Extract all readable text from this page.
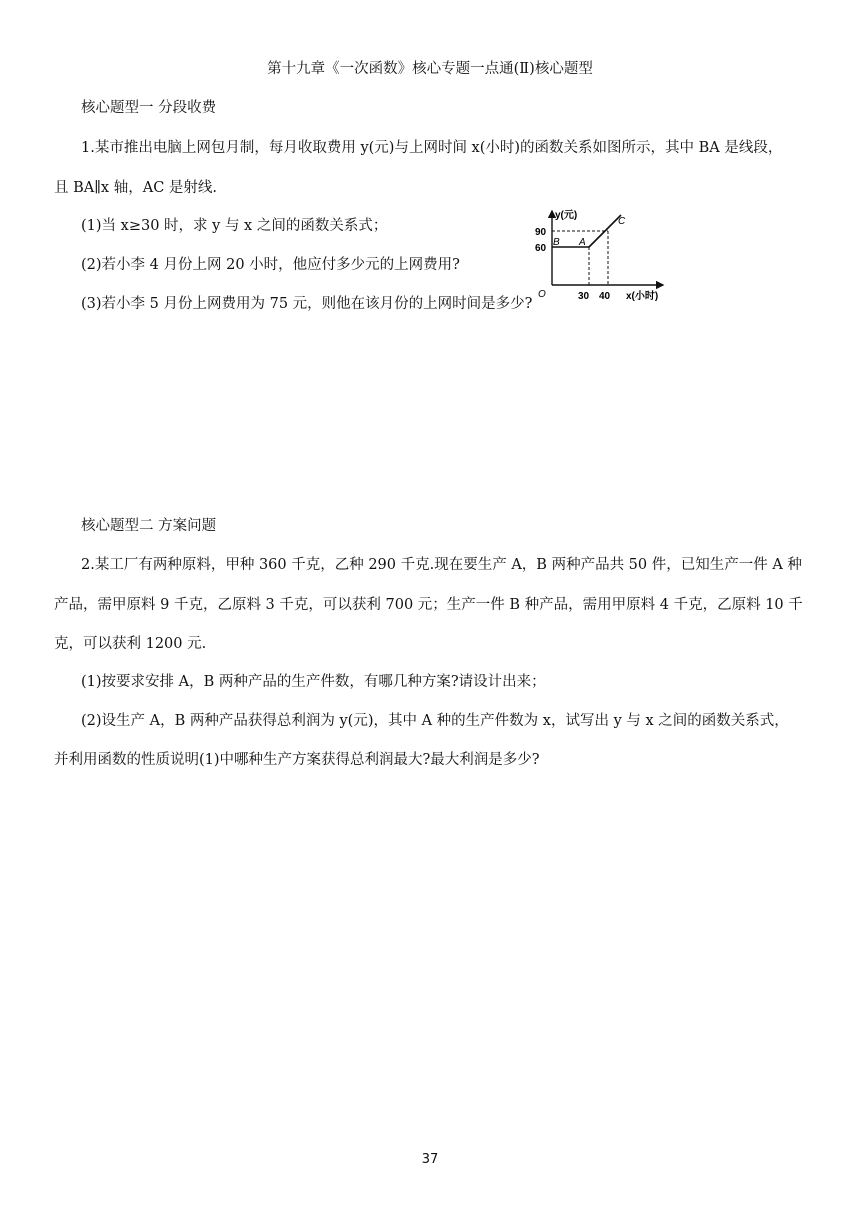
第十九章《一次函数》核心专题一点通(Ⅱ)核心题型
核心题型一 分段收费
1.某市推出电脑上网包月制，每月收取费用 y(元)与上网时间 x(小时)的函数关系如图所示，其中 BA 是线段，
且 BA∥x 轴，AC 是射线.
(1)当 x≥30 时，求 y 与 x 之间的函数关系式；
(2)若小李 4 月份上网 20 小时，他应付多少元的上网费用?
(3)若小李 5 月份上网费用为 75 元，则他在该月份的上网时间是多少?
y(元)
90
60
B A
C
O	30 40 x(小时)
核心题型二 方案问题
2.某工厂有两种原料，甲种 360 千克，乙种 290 千克.现在要生产 A，B 两种产品共 50 件，已知生产一件 A 种
产品，需甲原料 9 千克，乙原料 3 千克，可以获利 700 元；生产一件 B 种产品，需用甲原料 4 千克，乙原料 10 千
克，可以获利 1200 元.
(1)按要求安排 A，B 两种产品的生产件数，有哪几种方案?请设计出来；
(2)设生产 A，B 两种产品获得总利润为 y(元)，其中 A 种的生产件数为 x，试写出 y 与 x 之间的函数关系式，
并利用函数的性质说明(1)中哪种生产方案获得总利润最大?最大利润是多少?
37
